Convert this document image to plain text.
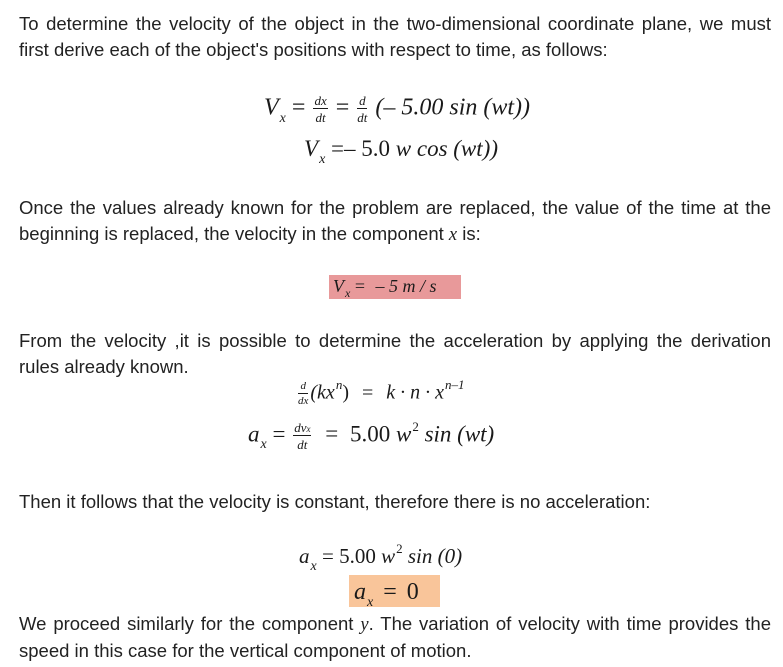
To determine the velocity of the object in the two-dimensional coordinate plane, we must first derive each of the object's positions with respect to time, as follows:
$V_x = \frac{dx}{dt} = \frac{d}{dt}$ (– 5.00 sin (wt))
$V_x =- 5.0$ w cos (wt))
Once the values already known for the problem are replaced, the value of the time at the beginning is replaced, the velocity in the component x is:
$V_x$ = – 5 m / s
From the velocity ,it is possible to determine the acceleration by applying the derivation rules already known.
$\frac{d}{dx} (kx^n) = k \cdot n \cdot x^{n-1}$
$a_x = \frac{\text{dvx}}{dt} = 5.00$ $w^2$ sin (wt)
Then it follows that the velocity is constant, therefore there is no acceleration:
$a_x = 5.00$ $w^2$ sin (0)
$a_x = 0$
We proceed similarly for the component y. The variation of velocity with time provides the speed in this case for the vertical component of motion.
